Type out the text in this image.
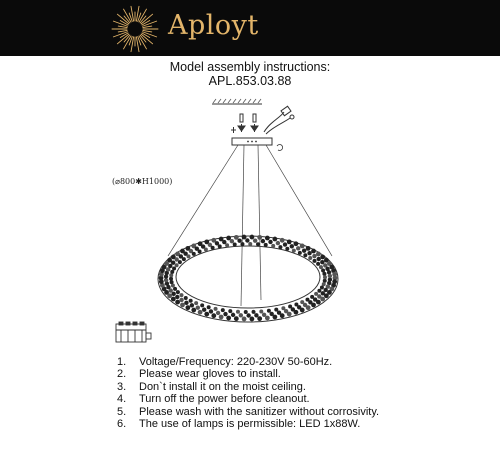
Aployt
Model assembly instructions:
APL.853.03.88
(⌀800✱H1000)
1. Voltage/Frequency: 220-230V 50-60Hz.
2. Please wear gloves to install.
3. Don`t install it on the moist ceiling.
4. Turn off the power before cleanout.
5. Please wash with the sanitizer without corrosivity.
6. The use of lamps is permissible: LED 1x88W.
